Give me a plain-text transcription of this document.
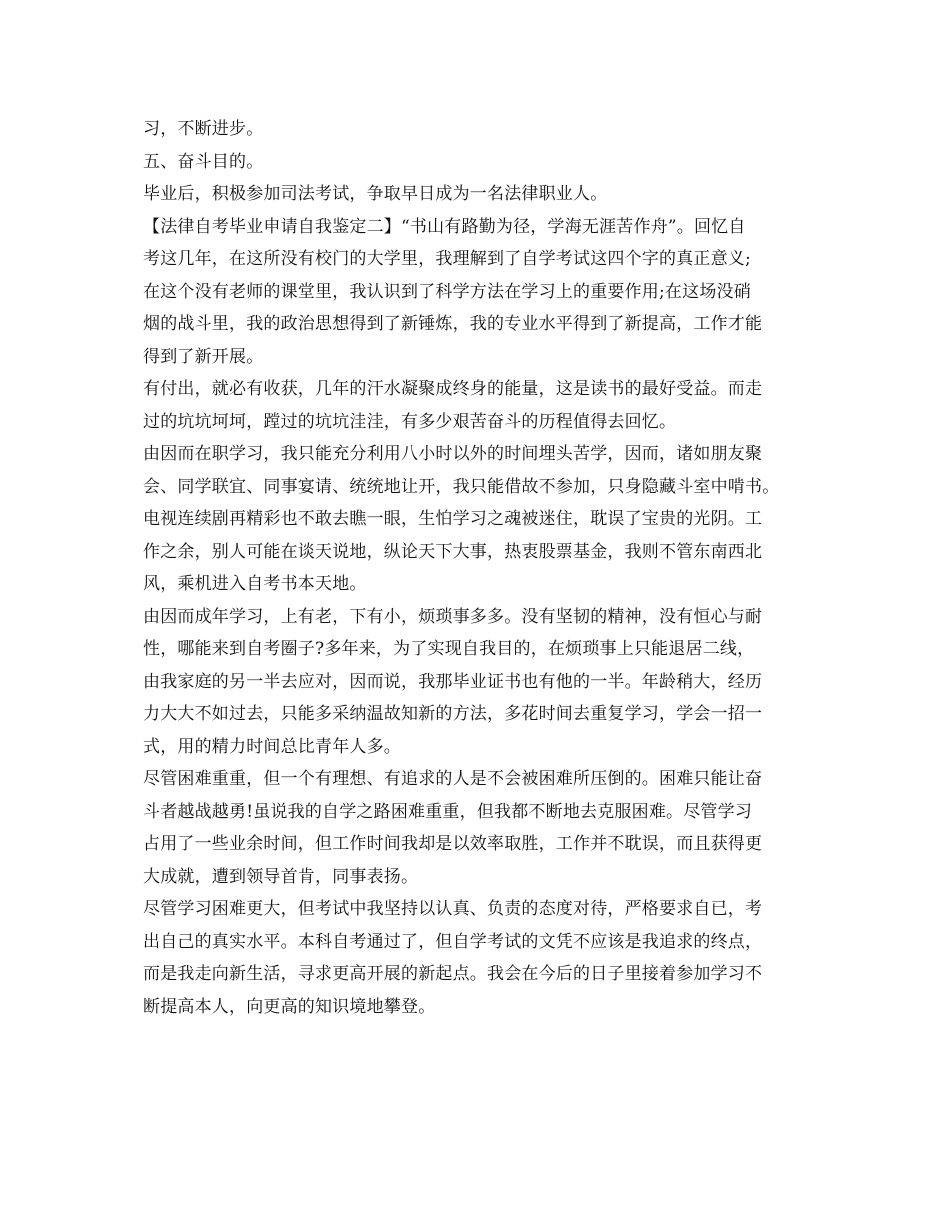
习，不断进步。
五、奋斗目的。
毕业后，积极参加司法考试，争取早日成为一名法律职业人。
【法律自考毕业申请自我鉴定二】“书山有路勤为径，学海无涯苦作舟”。回忆自
考这几年，在这所没有校门的大学里，我理解到了自学考试这四个字的真正意义;
在这个没有老师的课堂里，我认识到了科学方法在学习上的重要作用;在这场没硝
烟的战斗里，我的政治思想得到了新锤炼，我的专业水平得到了新提高，工作才能
得到了新开展。
有付出，就必有收获，几年的汗水凝聚成终身的能量，这是读书的最好受益。而走
过的坑坑坷坷，蹚过的坑坑洼洼，有多少艰苦奋斗的历程值得去回忆。
由因而在职学习，我只能充分利用八小时以外的时间埋头苦学，因而，诸如朋友聚
会、同学联宜、同事宴请、统统地让开，我只能借故不参加，只身隐藏斗室中啃书。
电视连续剧再精彩也不敢去瞧一眼，生怕学习之魂被迷住，耽误了宝贵的光阴。工
作之余，别人可能在谈天说地，纵论天下大事，热衷股票基金，我则不管东南西北
风，乘机进入自考书本天地。
由因而成年学习，上有老，下有小，烦琐事多多。没有坚韧的精神，没有恒心与耐
性，哪能来到自考圈子?多年来，为了实现自我目的，在烦琐事上只能退居二线，
由我家庭的另一半去应对，因而说，我那毕业证书也有他的一半。年龄稍大，经历
力大大不如过去，只能多采纳温故知新的方法，多花时间去重复学习，学会一招一
式，用的精力时间总比青年人多。
尽管困难重重，但一个有理想、有追求的人是不会被困难所压倒的。困难只能让奋
斗者越战越勇!虽说我的自学之路困难重重，但我都不断地去克服困难。尽管学习
占用了一些业余时间，但工作时间我却是以效率取胜，工作并不耽误，而且获得更
大成就，遭到领导首肯，同事表扬。
尽管学习困难更大，但考试中我坚持以认真、负责的态度对待，严格要求自已，考
出自己的真实水平。本科自考通过了，但自学考试的文凭不应该是我追求的终点，
而是我走向新生活，寻求更高开展的新起点。我会在今后的日子里接着参加学习不
断提高本人，向更高的知识境地攀登。
